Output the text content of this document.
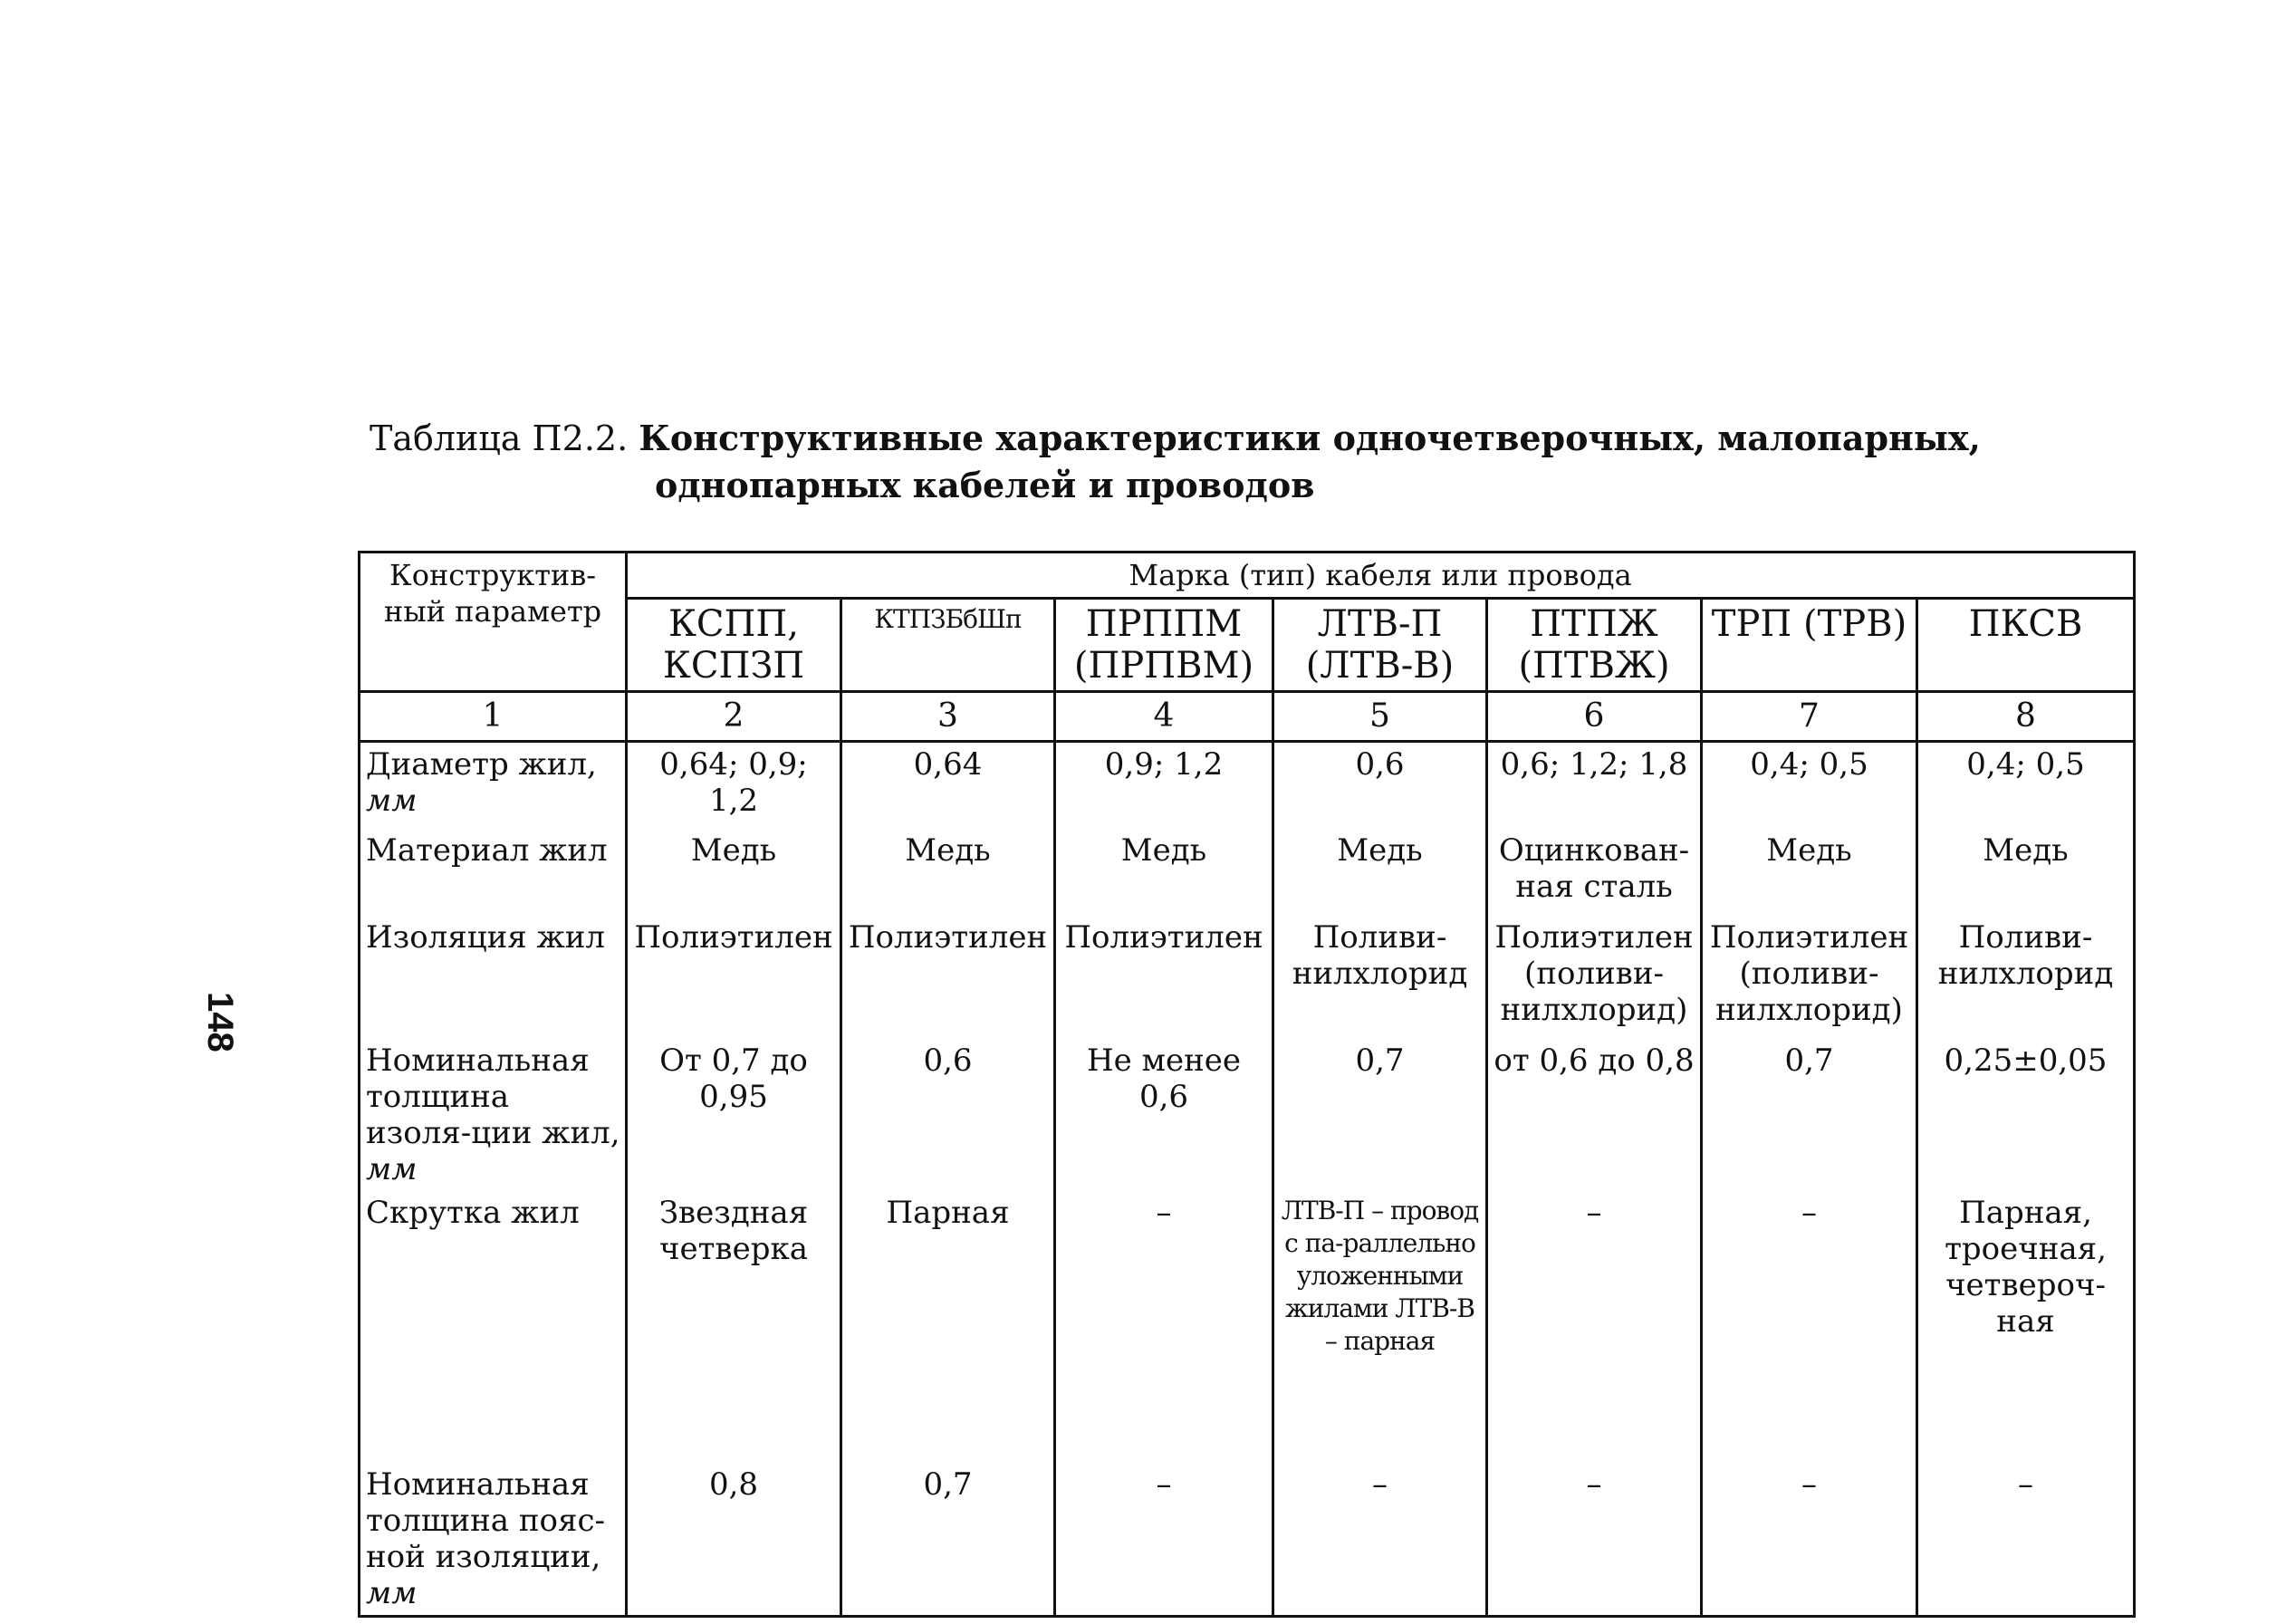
148
Таблица П2.2. Конструктивные характеристики одночетверочных, малопарных,
однопарных кабелей и проводов
Конструктив-ный параметр	Марка (тип) кабеля или провода						
	КСПП, КСПЗП	КТПЗБбШп	ПРППМ (ПРПВМ)	ЛТВ-П (ЛТВ-В)	ПТПЖ (ПТВЖ)	ТРП (ТРВ)	ПКСВ
1	2	3	4	5	6	7	8
Диаметр жил,
мм	0,64; 0,9; 1,2	0,64	0,9; 1,2	0,6	0,6; 1,2; 1,8	0,4; 0,5	0,4; 0,5
Материал жил	Медь	Медь	Медь	Медь	Оцинкован-ная сталь	Медь	Медь
Изоляция жил	Полиэтилен	Полиэтилен	Полиэтилен	Поливи-нилхлорид	Полиэтилен (поливи-нилхлорид)	Полиэтилен (поливи-нилхлорид)	Поливи-нилхлорид
Номинальная толщина изоля-ции жил, мм	От 0,7 до 0,95	0,6	Не менее 0,6	0,7	от 0,6 до 0,8	0,7	0,25±0,05
Скрутка жил	Звездная четверка	Парная	–	ЛТВ-П – провод с па-раллельно уложенными жилами ЛТВ-В – парная	–	–	Парная, троечная, четвероч-ная
Номинальная толщина пояс-ной изоляции,
мм	0,8	0,7	–	–	–	–	–
